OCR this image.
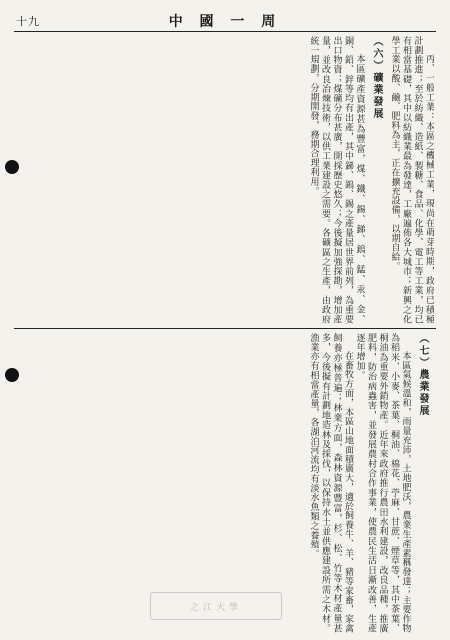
十九	中 國 一 周

丙、一般工業：本區之機械工業，現尚在萌芽時期，政府已積極計劃推進；至於紡織、造紙、製糖、食品、化學、電工等工業，均已有相當基礎，其中以紡織業最為發達，工廠遍佈各大城市；新興之化學工業以酸、鹼、肥料為主，正在擴充設備，以期自給。

（六）礦業發展

本區礦產資源甚為豐富，煤、鐵、錫、銻、鎢、錳、汞、金、銅、鉛、鋅等均有出產，其中銻、鎢、錫之產量居世界前列，為重要出口物資；煤礦分布甚廣，開採歷史悠久；今後擬加強探勘，增加產量，並改良冶煉技術，以供工業建設之需要。各礦區之生產，由政府統一規劃，分期開發，務期合理利用。

（七）農業發展

本區氣候溫和，雨量充沛，土地肥沃，農業生產素稱發達；主要作物為稻米、小麥、茶葉、桐油、棉花、苧麻、甘蔗、煙草等，其中茶葉、桐油為重要外銷物產。近年來政府推行農田水利建設，改良品種，推廣肥料，防治病蟲害，並發展農村合作事業，使農民生活日漸改善，生產逐年增加。

在畜牧方面，本區山地面積廣大，適於飼養牛、羊、豬等家畜，家禽飼養亦極普遍；林業方面，森林資源豐富，杉、松、竹等木材產量甚多，今後擬有計劃地造林及採伐，以保持水土並供應建設所需之木材。漁業亦有相當產量，各湖泊河流均有淡水魚類之養殖。

之江大學
